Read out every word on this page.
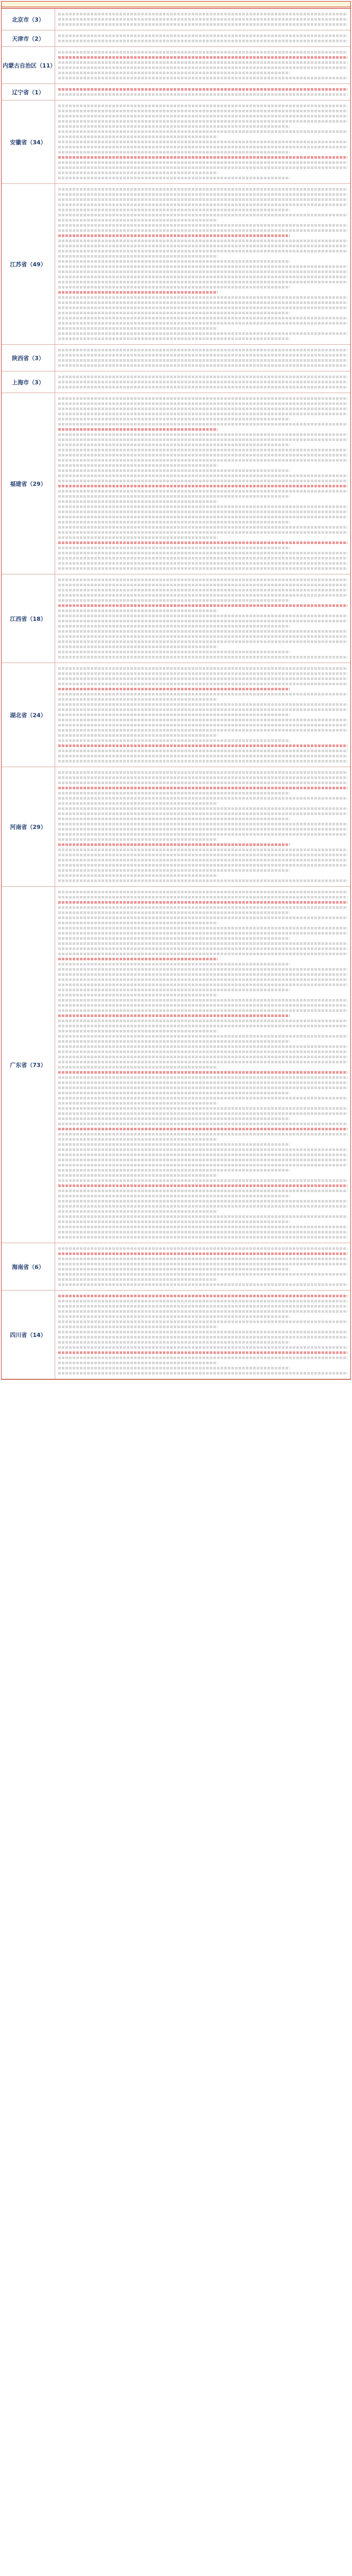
北京市（3）
天津市（2）
内蒙古自治区（11）
辽宁省（1）
安徽省（34）
江苏省（49）
陕西省（3）
上海市（3）
福建省（29）
江西省（18）
湖北省（24）
河南省（29）
广东省（73）
海南省（6）
四川省（14）
